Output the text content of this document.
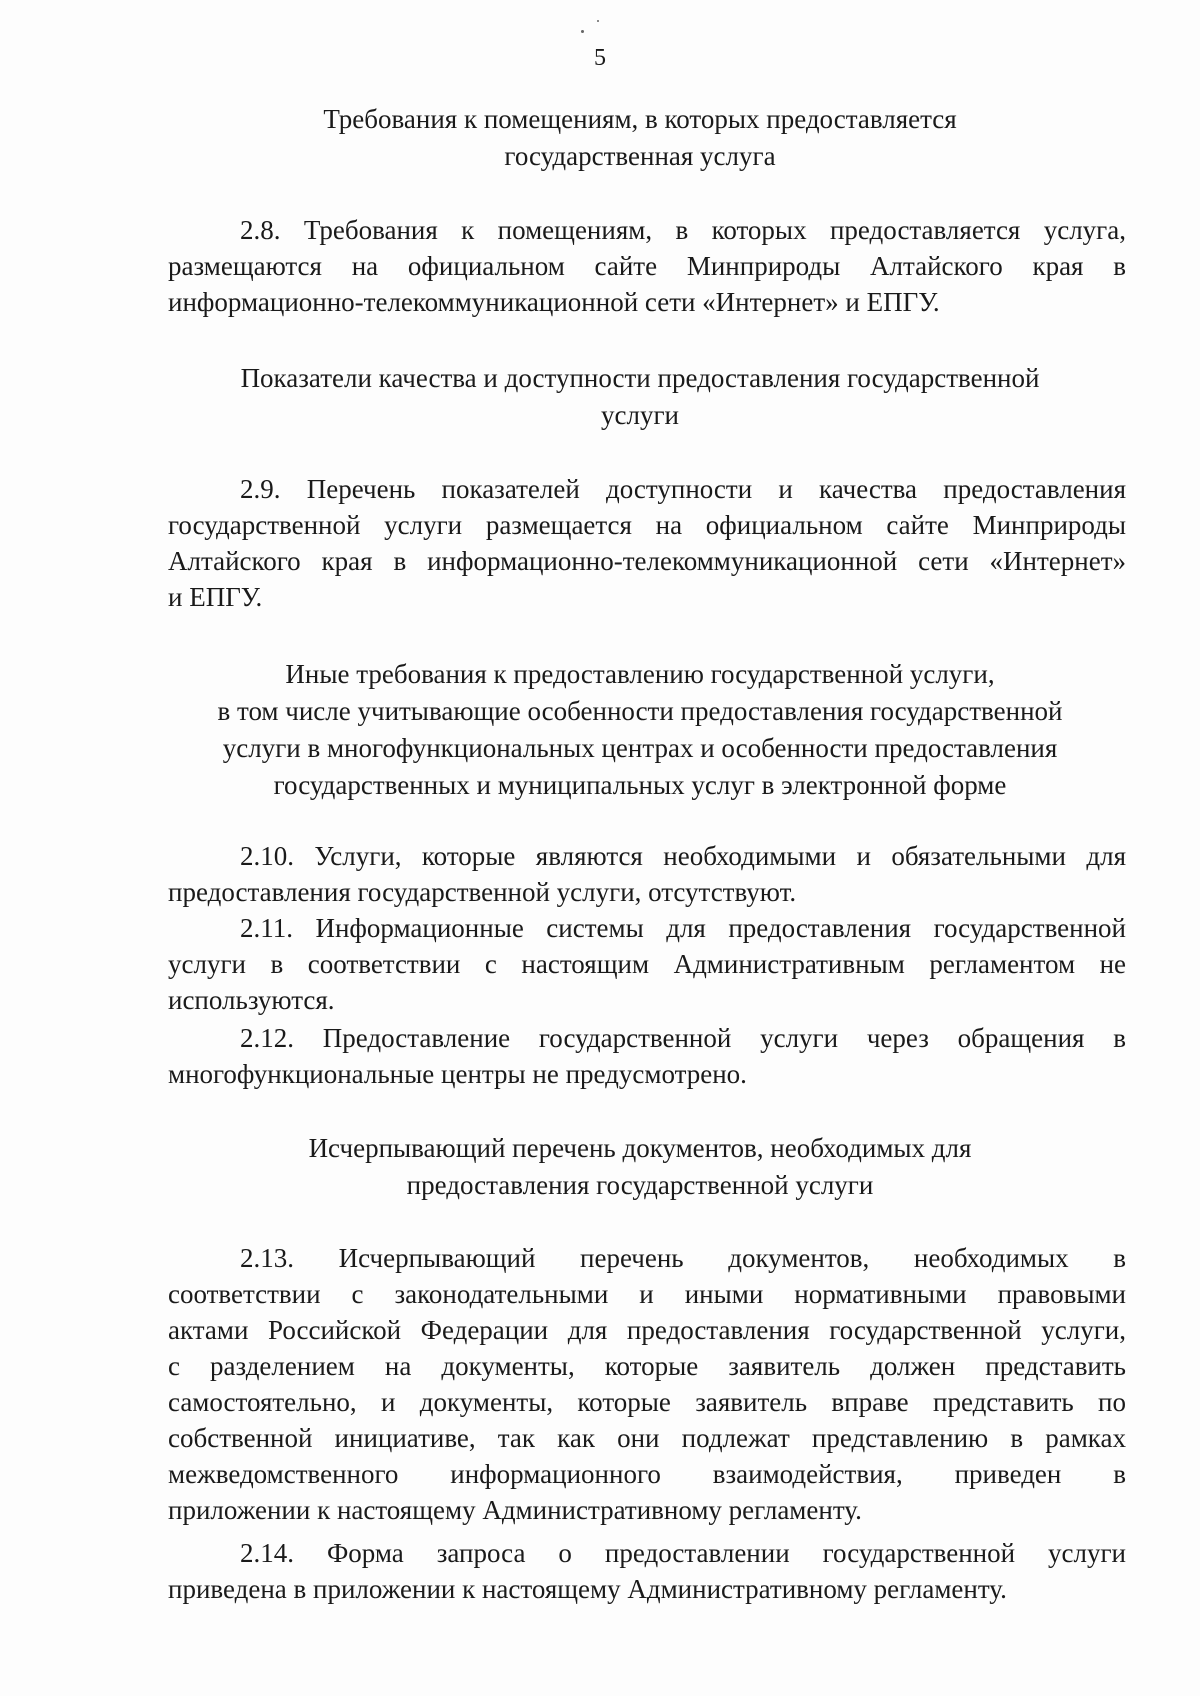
5
Требования к помещениям, в которых предоставляется
государственная услуга
2.8. Требования к помещениям, в которых предоставляется услуга,
размещаются на официальном сайте Минприроды Алтайского края в
информационно-телекоммуникационной сети «Интернет» и ЕПГУ.
Показатели качества и доступности предоставления государственной
услуги
2.9. Перечень показателей доступности и качества предоставления
государственной услуги размещается на официальном сайте Минприроды
Алтайского края в информационно-телекоммуникационной сети «Интернет»
и ЕПГУ.
Иные требования к предоставлению государственной услуги,
в том числе учитывающие особенности предоставления государственной
услуги в многофункциональных центрах и особенности предоставления
государственных и муниципальных услуг в электронной форме
2.10. Услуги, которые являются необходимыми и обязательными для
предоставления государственной услуги, отсутствуют.
2.11. Информационные системы для предоставления государственной
услуги в соответствии с настоящим Административным регламентом не
используются.
2.12. Предоставление государственной услуги через обращения в
многофункциональные центры не предусмотрено.
Исчерпывающий перечень документов, необходимых для
предоставления государственной услуги
2.13. Исчерпывающий перечень документов, необходимых в
соответствии с законодательными и иными нормативными правовыми
актами Российской Федерации для предоставления государственной услуги,
с разделением на документы, которые заявитель должен представить
самостоятельно, и документы, которые заявитель вправе представить по
собственной инициативе, так как они подлежат представлению в рамках
межведомственного информационного взаимодействия, приведен в
приложении к настоящему Административному регламенту.
2.14. Форма запроса о предоставлении государственной услуги
приведена в приложении к настоящему Административному регламенту.
